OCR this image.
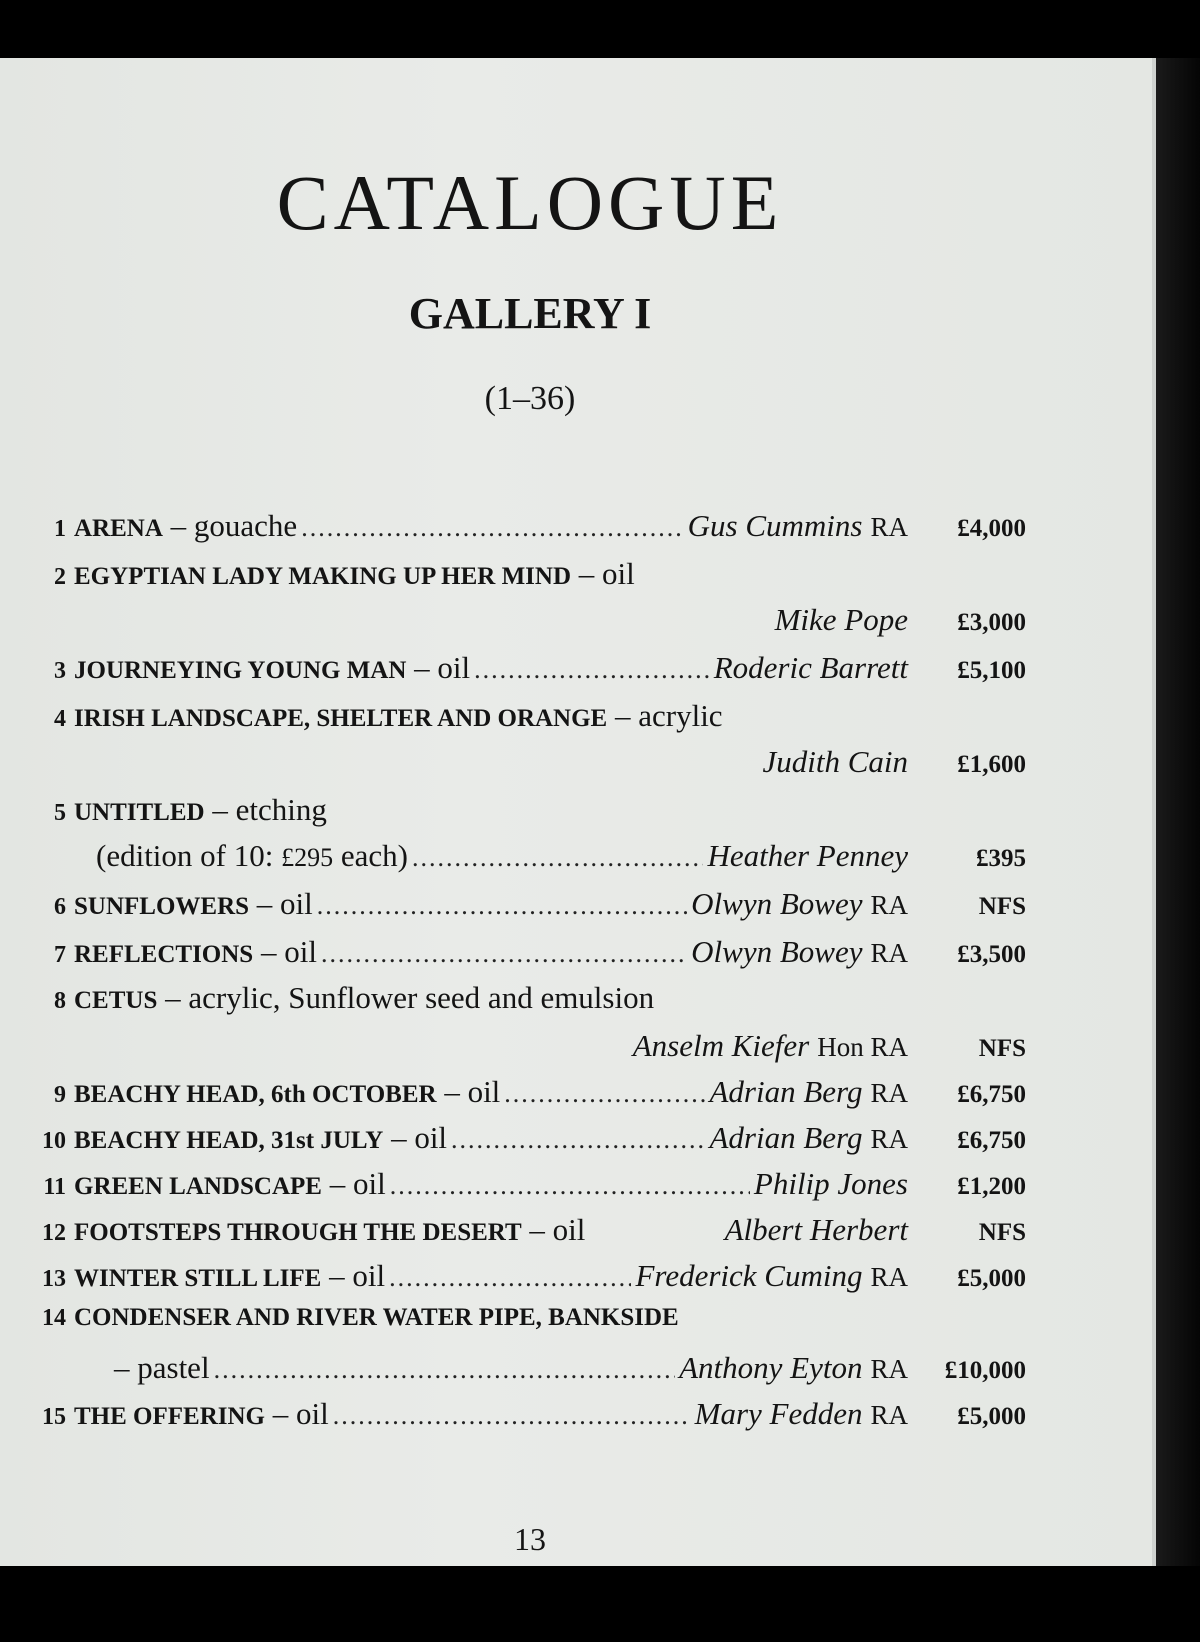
CATALOGUE
GALLERY I
(1–36)
1 ARENA – gouache .....	Gus Cummins RA	£4,000
2 EGYPTIAN LADY MAKING UP HER MIND – oil
Mike Pope	£3,000
3 JOURNEYING YOUNG MAN – oil .....	Roderic Barrett	£5,100
4 IRISH LANDSCAPE, SHELTER AND ORANGE – acrylic
Judith Cain	£1,600
5 UNTITLED – etching
(edition of 10: £295 each) .....	Heather Penney	£395
6 SUNFLOWERS – oil .....	Olwyn Bowey RA	NFS
7 REFLECTIONS – oil .....	Olwyn Bowey RA	£3,500
8 CETUS – acrylic, Sunflower seed and emulsion
Anselm Kiefer Hon RA	NFS
9 BEACHY HEAD, 6th OCTOBER – oil .....	Adrian Berg RA	£6,750
10 BEACHY HEAD, 31st JULY – oil .....	Adrian Berg RA	£6,750
11 GREEN LANDSCAPE – oil .....	Philip Jones	£1,200
12 FOOTSTEPS THROUGH THE DESERT – oil	Albert Herbert	NFS
13 WINTER STILL LIFE – oil .....	Frederick Cuming RA	£5,000
14 CONDENSER AND RIVER WATER PIPE, BANKSIDE
– pastel .....	Anthony Eyton RA	£10,000
15 THE OFFERING – oil .....	Mary Fedden RA	£5,000
13
